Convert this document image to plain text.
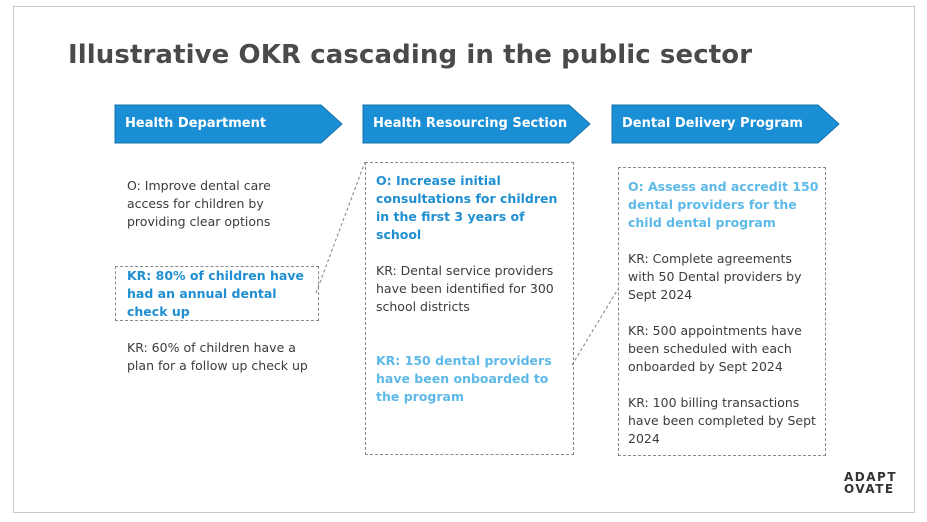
Illustrative OKR cascading in the public sector
Health Department	Health Resourcing Section	Dental Delivery Program
O: Improve dental care access for children by providing clear options
KR: 80% of children have had an annual dental check up
KR: 60% of children have a plan for a follow up check up
O: Increase initial consultations for children in the first 3 years of school
KR: Dental service providers have been identified for 300 school districts
KR: 150 dental providers have been onboarded to the program
O: Assess and accredit 150 dental providers for the child dental program
KR: Complete agreements with 50 Dental providers by Sept 2024
KR: 500 appointments have been scheduled with each onboarded by Sept 2024
KR: 100 billing transactions have been completed by Sept 2024
ADAPT
OVATE
